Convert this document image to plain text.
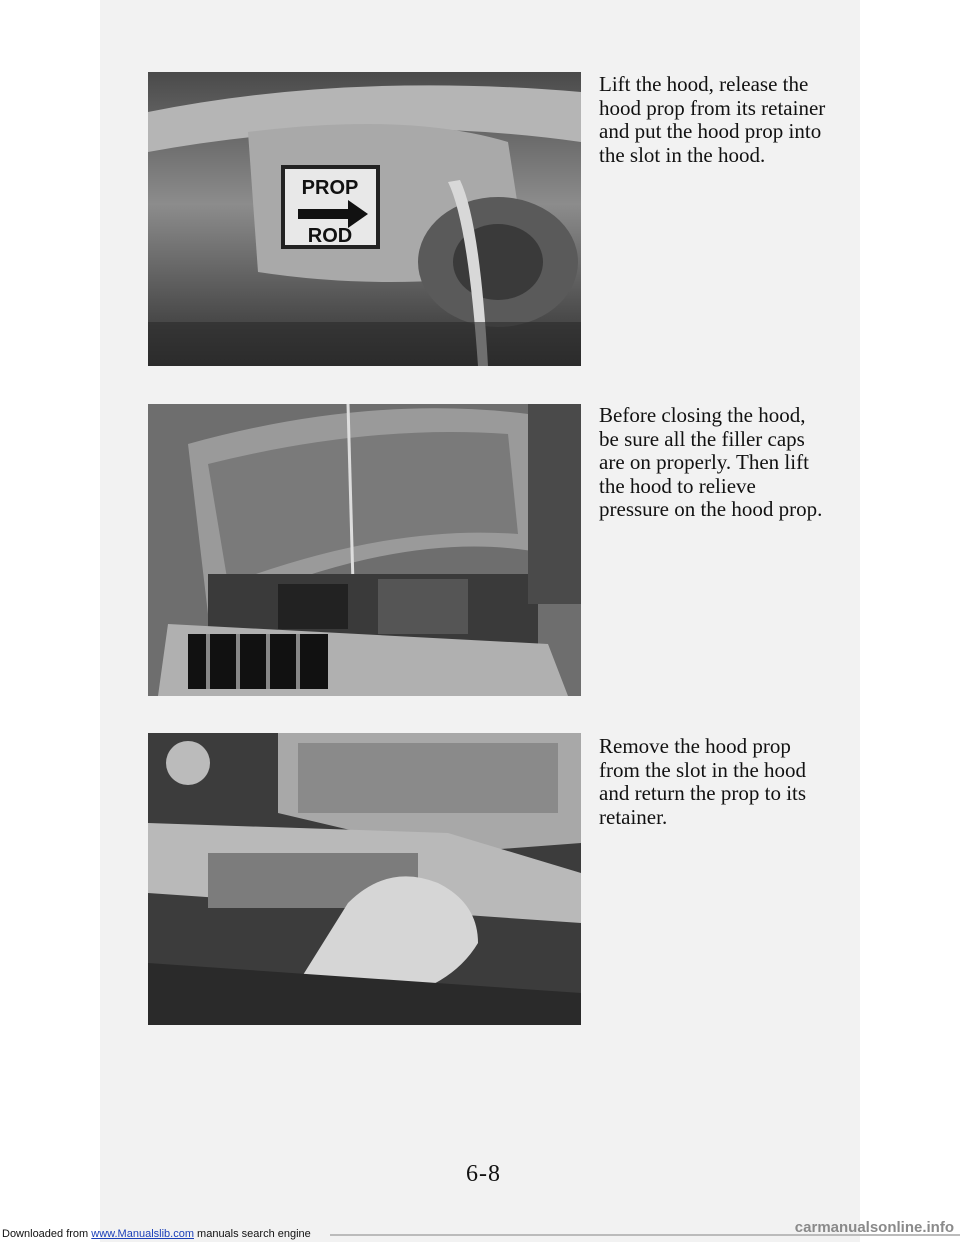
PROP
ROD

Lift the hood, release the hood prop from its retainer and put the hood prop into the slot in the hood.

Before closing the hood, be sure all the filler caps are on properly. Then lift the hood to relieve pressure on the hood prop.

Remove the hood prop from the slot in the hood and return the prop to its retainer.

6-8
Downloaded from www.Manualslib.com manuals search engine	carmanualsonline.info
